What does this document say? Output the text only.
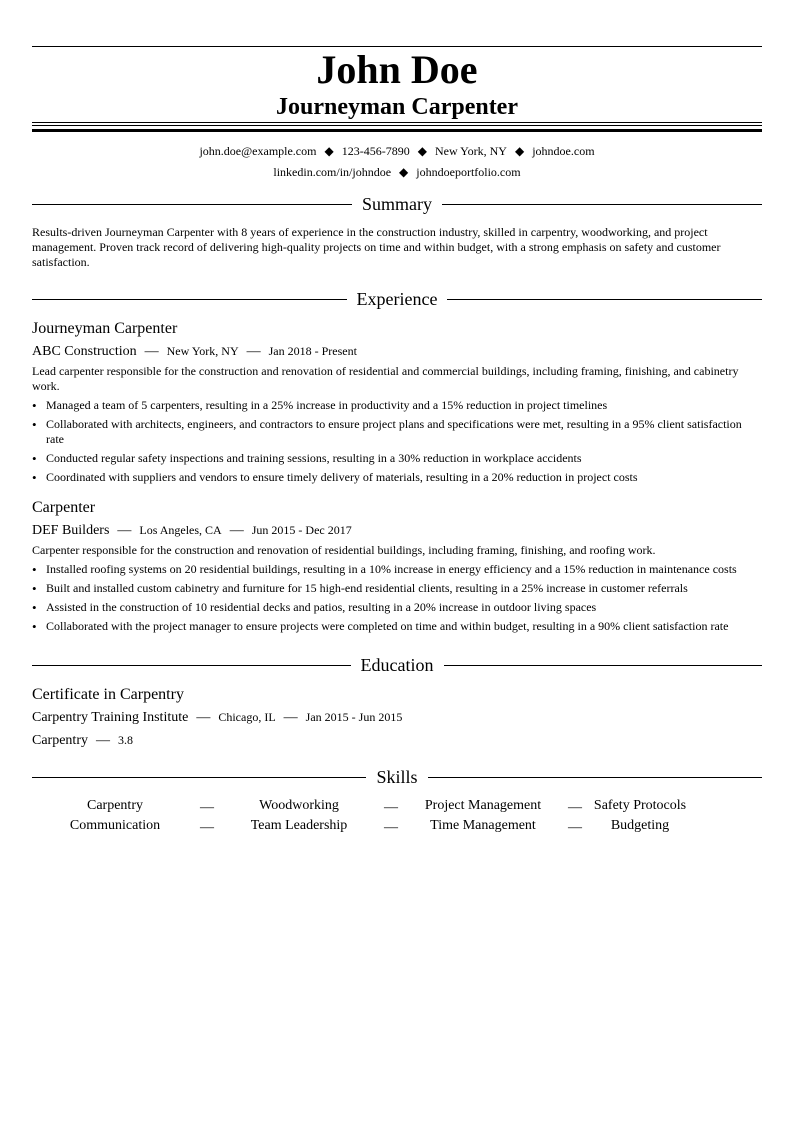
John Doe
Journeyman Carpenter
john.doe@example.com ◆ 123-456-7890 ◆ New York, NY ◆ johndoe.com
linkedin.com/in/johndoe ◆ johndoeportfolio.com
Summary
Results-driven Journeyman Carpenter with 8 years of experience in the construction industry, skilled in carpentry, woodworking, and project management. Proven track record of delivering high-quality projects on time and within budget, with a strong emphasis on safety and customer satisfaction.
Experience
Journeyman Carpenter
ABC Construction — New York, NY — Jan 2018 - Present
Lead carpenter responsible for the construction and renovation of residential and commercial buildings, including framing, finishing, and cabinetry work.
• Managed a team of 5 carpenters, resulting in a 25% increase in productivity and a 15% reduction in project timelines
• Collaborated with architects, engineers, and contractors to ensure project plans and specifications were met, resulting in a 95% client satisfaction rate
• Conducted regular safety inspections and training sessions, resulting in a 30% reduction in workplace accidents
• Coordinated with suppliers and vendors to ensure timely delivery of materials, resulting in a 20% reduction in project costs
Carpenter
DEF Builders — Los Angeles, CA — Jun 2015 - Dec 2017
Carpenter responsible for the construction and renovation of residential buildings, including framing, finishing, and roofing work.
• Installed roofing systems on 20 residential buildings, resulting in a 10% increase in energy efficiency and a 15% reduction in maintenance costs
• Built and installed custom cabinetry and furniture for 15 high-end residential clients, resulting in a 25% increase in customer referrals
• Assisted in the construction of 10 residential decks and patios, resulting in a 20% increase in outdoor living spaces
• Collaborated with the project manager to ensure projects were completed on time and within budget, resulting in a 90% client satisfaction rate
Education
Certificate in Carpentry
Carpentry Training Institute — Chicago, IL — Jan 2015 - Jun 2015
Carpentry — 3.8
Skills
Carpentry	—	Woodworking	—	Project Management	— Safety Protocols
Communication	—	Team Leadership	—	Time Management	—	Budgeting
